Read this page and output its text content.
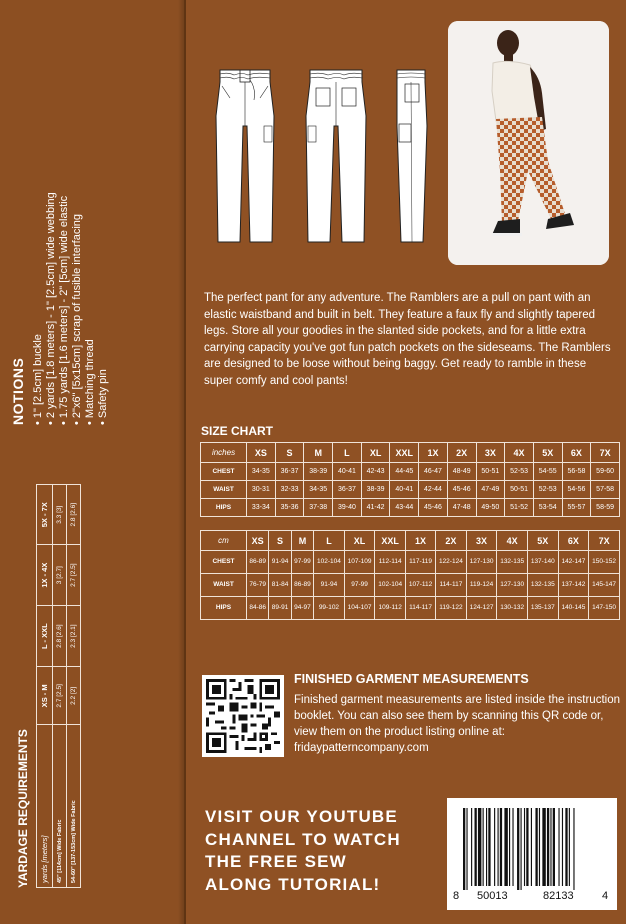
NOTIONS • 1" [2.5cm] buckle • 2 yards [1.8 meters] - 1" [2.5cm] wide webbing • 1.75 yards [1.6 meters] - 2" [5cm] wide elastic • 2"x6" [5x15cm] scrap of fusible interfacing • Matching thread • Safety pin
YARDAGE REQUIREMENTS yards [meters]	XS - M	L - XXL	1X - 4X	5X - 7X
45" [114cm] Wide Fabric	2.7 [2.5]	2.8 [2.6]	3 [2.7]	3.3 [3]
54-60" [137-153cm] Wide Fabric	2.2 [2]	2.3 [2.1]	2.7 [2.5]	2.8 [2.6]
The perfect pant for any adventure. The Ramblers are a pull on pant with an elastic waistband and built in belt. They feature a faux fly and slightly tapered legs. Store all your goodies in the slanted side pockets, and for a little extra carrying capacity you've got fun patch pockets on the sideseams. The Ramblers are designed to be loose without being baggy. Get ready to ramble in these super comfy and cool pants!
SIZE CHART
inches	XS	S	M	L	XL	XXL	1X	2X	3X	4X	5X	6X	7X
CHEST	34-35	36-37	38-39	40-41	42-43	44-45	46-47	48-49	50-51	52-53	54-55	56-58	59-60
WAIST	30-31	32-33	34-35	36-37	38-39	40-41	42-44	45-46	47-49	50-51	52-53	54-56	57-58
HIPS	33-34	35-36	37-38	39-40	41-42	43-44	45-46	47-48	49-50	51-52	53-54	55-57	58-59
cm	XS	S	M	L	XL	XXL	1X	2X	3X	4X	5X	6X	7X
CHEST	86-89	91-94	97-99	102-104	107-109	112-114	117-119	122-124	127-130	132-135	137-140	142-147	150-152
WAIST	76-79	81-84	86-89	91-94	97-99	102-104	107-112	114-117	119-124	127-130	132-135	137-142	145-147
HIPS	84-86	89-91	94-97	99-102	104-107	109-112	114-117	119-122	124-127	130-132	135-137	140-145	147-150
FINISHED GARMENT MEASUREMENTS
Finished garment measurements are listed inside the instruction booklet. You can also see them by scanning this QR code or, view them on the product listing online at: fridaypatterncompany.com
VISIT OUR YOUTUBE
CHANNEL TO WATCH
THE FREE SEW
ALONG TUTORIAL!
8 50013	82133	4
